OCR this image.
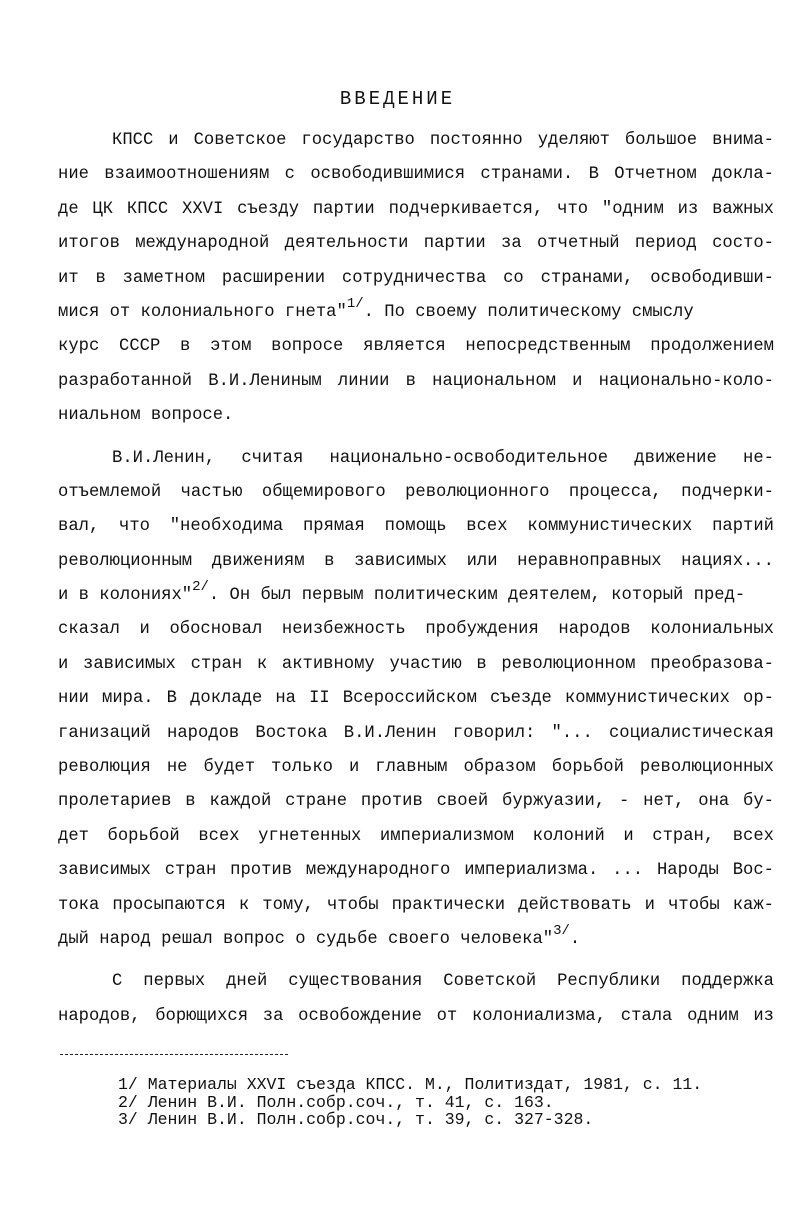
ВВЕДЕНИЕ
КПСС и Советское государство постоянно уделяют большое внима-
ние взаимоотношениям с освободившимися странами. В Отчетном докла-
де ЦК КПСС XXVI съезду партии подчеркивается, что "одним из важных
итогов международной деятельности партии за отчетный период состо-
ит в заметном расширении сотрудничества со странами, освободивши-
мися от колониального гнета"$^{1/}$. По своему политическому смыслу
курс СССР в этом вопросе является непосредственным продолжением
разработанной В.И.Лениным линии в национальном и национально-коло-
ниальном вопросе.
В.И.Ленин, считая национально-освободительное движение не-
отъемлемой частью общемирового революционного процесса, подчерки-
вал, что "необходима прямая помощь всех коммунистических партий
революционным движениям в зависимых или неравноправных нациях...
и в колониях"$^{2/}$. Он был первым политическим деятелем, который пред-
сказал и обосновал неизбежность пробуждения народов колониальных
и зависимых стран к активному участию в революционном преобразова-
нии мира. В докладе на II Всероссийском съезде коммунистических ор-
ганизаций народов Востока В.И.Ленин говорил: "... социалистическая
революция не будет только и главным образом борьбой революционных
пролетариев в каждой стране против своей буржуазии, - нет, она бу-
дет борьбой всех угнетенных империализмом колоний и стран, всех
зависимых стран против международного империализма. ... Народы Вос-
тока просыпаются к тому, чтобы практически действовать и чтобы каж-
дый народ решал вопрос о судьбе своего человека"$^{3/}$.
С первых дней существования Советской Республики поддержка
народов, борющихся за освобождение от колониализма, стала одним из
1/ Материалы XXVI съезда КПСС. М., Политиздат, 1981, с. 11.
2/ Ленин В.И. Полн.собр.соч., т. 41, с. 163.
3/ Ленин В.И. Полн.собр.соч., т. 39, с. 327-328.
